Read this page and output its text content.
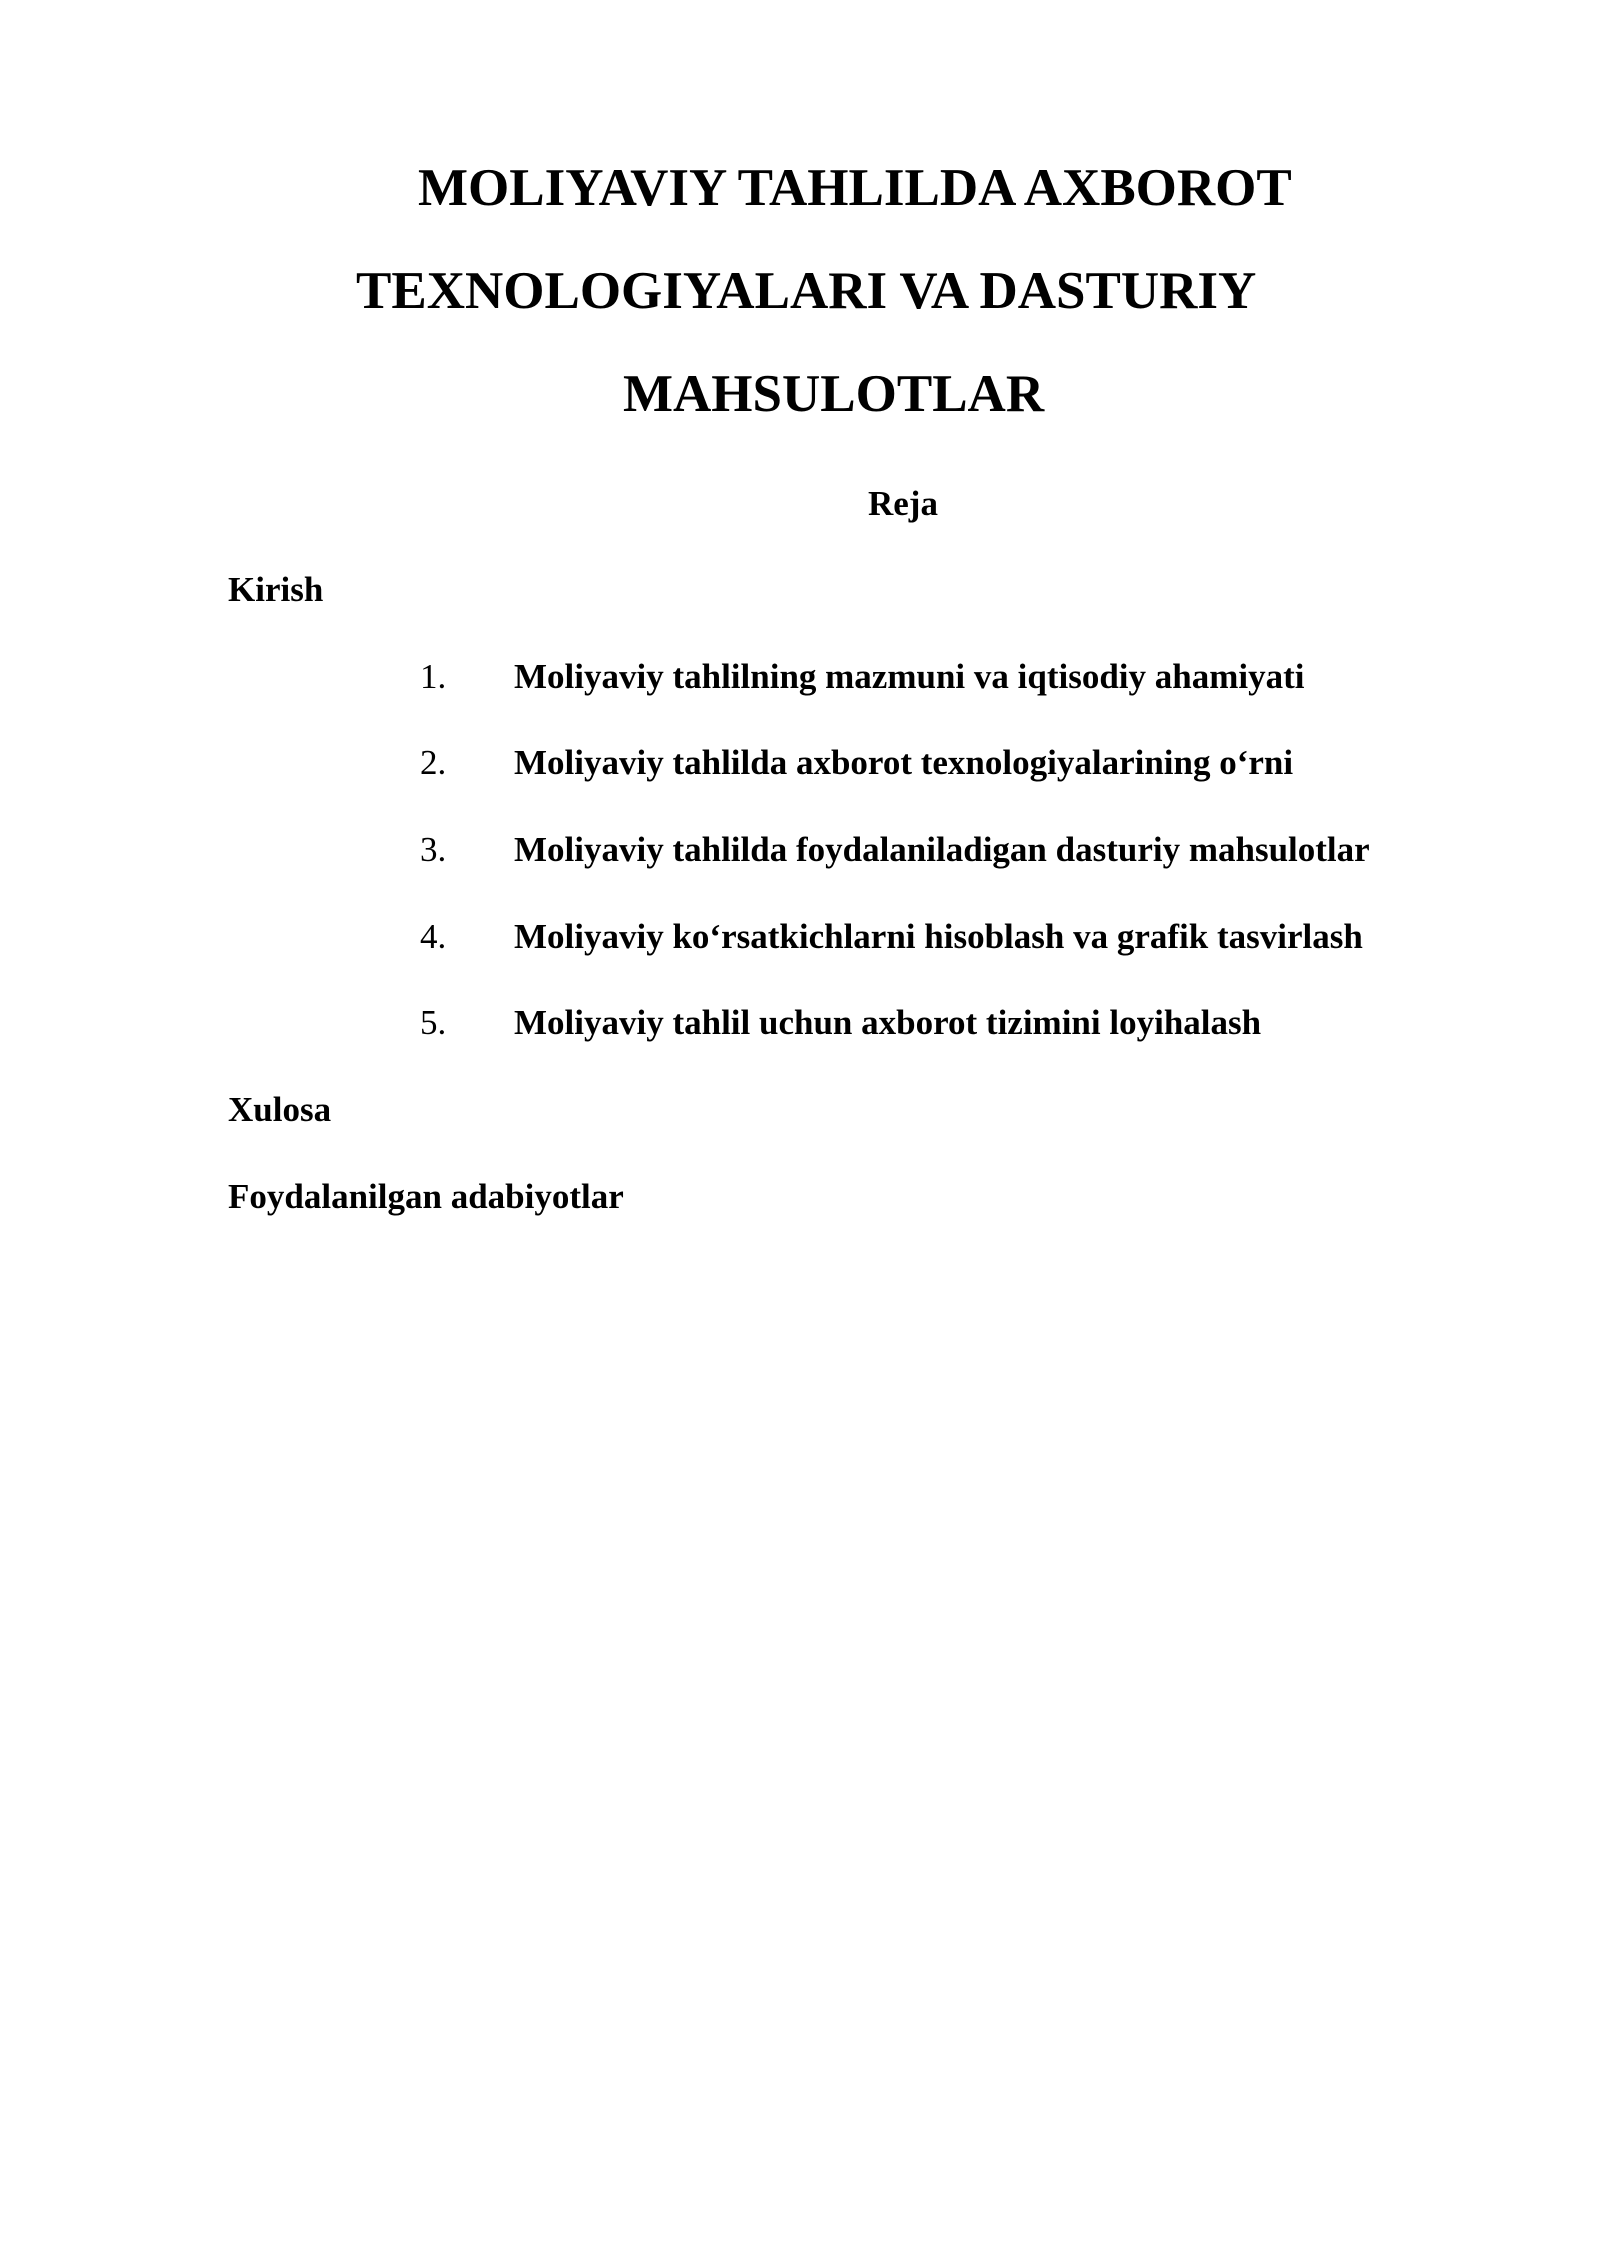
MOLIYAVIY TAHLILDA AXBOROT
TEXNOLOGIYALARI VA DASTURIY
MAHSULOTLAR

Reja

Kirish

1. Moliyaviy tahlilning mazmuni va iqtisodiy ahamiyati
2. Moliyaviy tahlilda axborot texnologiyalarining o‘rni
3. Moliyaviy tahlilda foydalaniladigan dasturiy mahsulotlar
4. Moliyaviy ko‘rsatkichlarni hisoblash va grafik tasvirlash
5. Moliyaviy tahlil uchun axborot tizimini loyihalash

Xulosa

Foydalanilgan adabiyotlar
